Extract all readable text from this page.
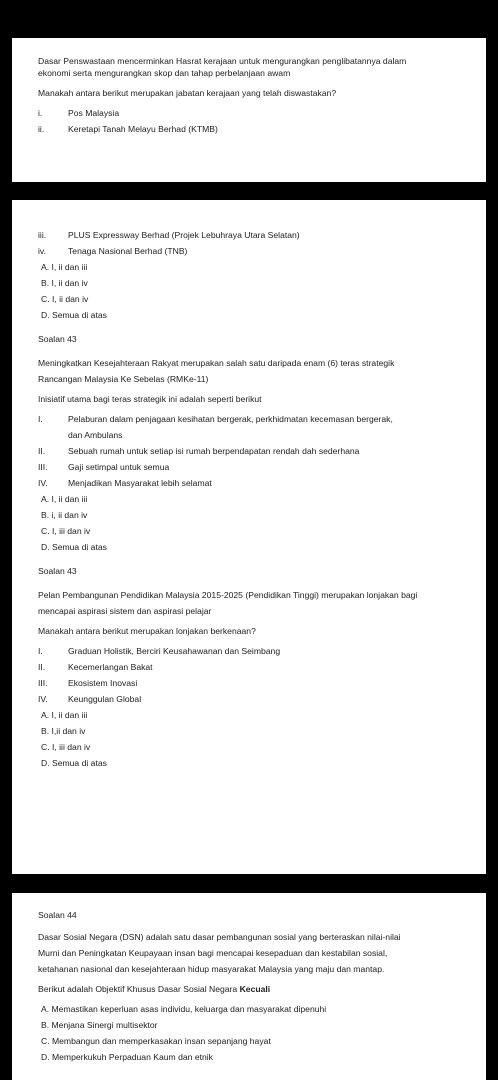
Dasar Penswastaan mencerminkan Hasrat kerajaan untuk mengurangkan penglibatannya dalam
ekonomi serta mengurangkan skop dan tahap perbelanjaan awam
Manakah antara berikut merupakan jabatan kerajaan yang telah diswastakan?
i.	Pos Malaysia
ii.	Keretapi Tanah Melayu Berhad (KTMB)
iii.	PLUS Expressway Berhad (Projek Lebuhraya Utara Selatan)
iv.	Tenaga Nasional Berhad (TNB)
A. I, ii dan iii
B. I, ii dan iv
C. I, ii dan iv
D. Semua di atas
Soalan 43
Meningkatkan Kesejahteraan Rakyat merupakan salah satu daripada enam (6) teras strategik
Rancangan Malaysia Ke Sebelas (RMKe-11)
Inisiatif utama bagi teras strategik ini adalah seperti berikut
I.	Pelaburan dalam penjagaan kesihatan bergerak, perkhidmatan kecemasan bergerak,
dan Ambulans
II.	Sebuah rumah untuk setiap isi rumah berpendapatan rendah dah sederhana
III.	Gaji setimpal untuk semua
IV.	Menjadikan Masyarakat lebih selamat
A. I, ii dan iii
B. i, ii dan iv
C. I, iii dan iv
D. Semua di atas
Soalan 43
Pelan Pembangunan Pendidikan Malaysia 2015-2025 (Pendidikan Tinggi) merupakan lonjakan bagi
mencapai aspirasi sistem dan aspirasi pelajar
Manakah antara berikut merupakan lonjakan berkenaan?
I.	Graduan Holistik, Berciri Keusahawanan dan Seimbang
II.	Kecemerlangan Bakat
III.	Ekosistem Inovasi
IV.	Keunggulan Global
A. I, ii dan iii
B. I,ii dan iv
C. I, iii dan iv
D. Semua di atas
Soalan 44
Dasar Sosial Negara (DSN) adalah satu dasar pembangunan sosial yang berteraskan nilai-nilai
Murni dan Peningkatan Keupayaan insan bagi mencapai kesepaduan dan kestabilan sosial,
ketahanan nasional dan kesejahteraan hidup masyarakat Malaysia yang maju dan mantap.
Berikut adalah Objektif Khusus Dasar Sosial Negara Kecuali
A. Memastikan keperluan asas individu, keluarga dan masyarakat dipenuhi
B. Menjana Sinergi multisektor
C. Membangun dan memperkasakan insan sepanjang hayat
D. Memperkukuh Perpaduan Kaum dan etnik
